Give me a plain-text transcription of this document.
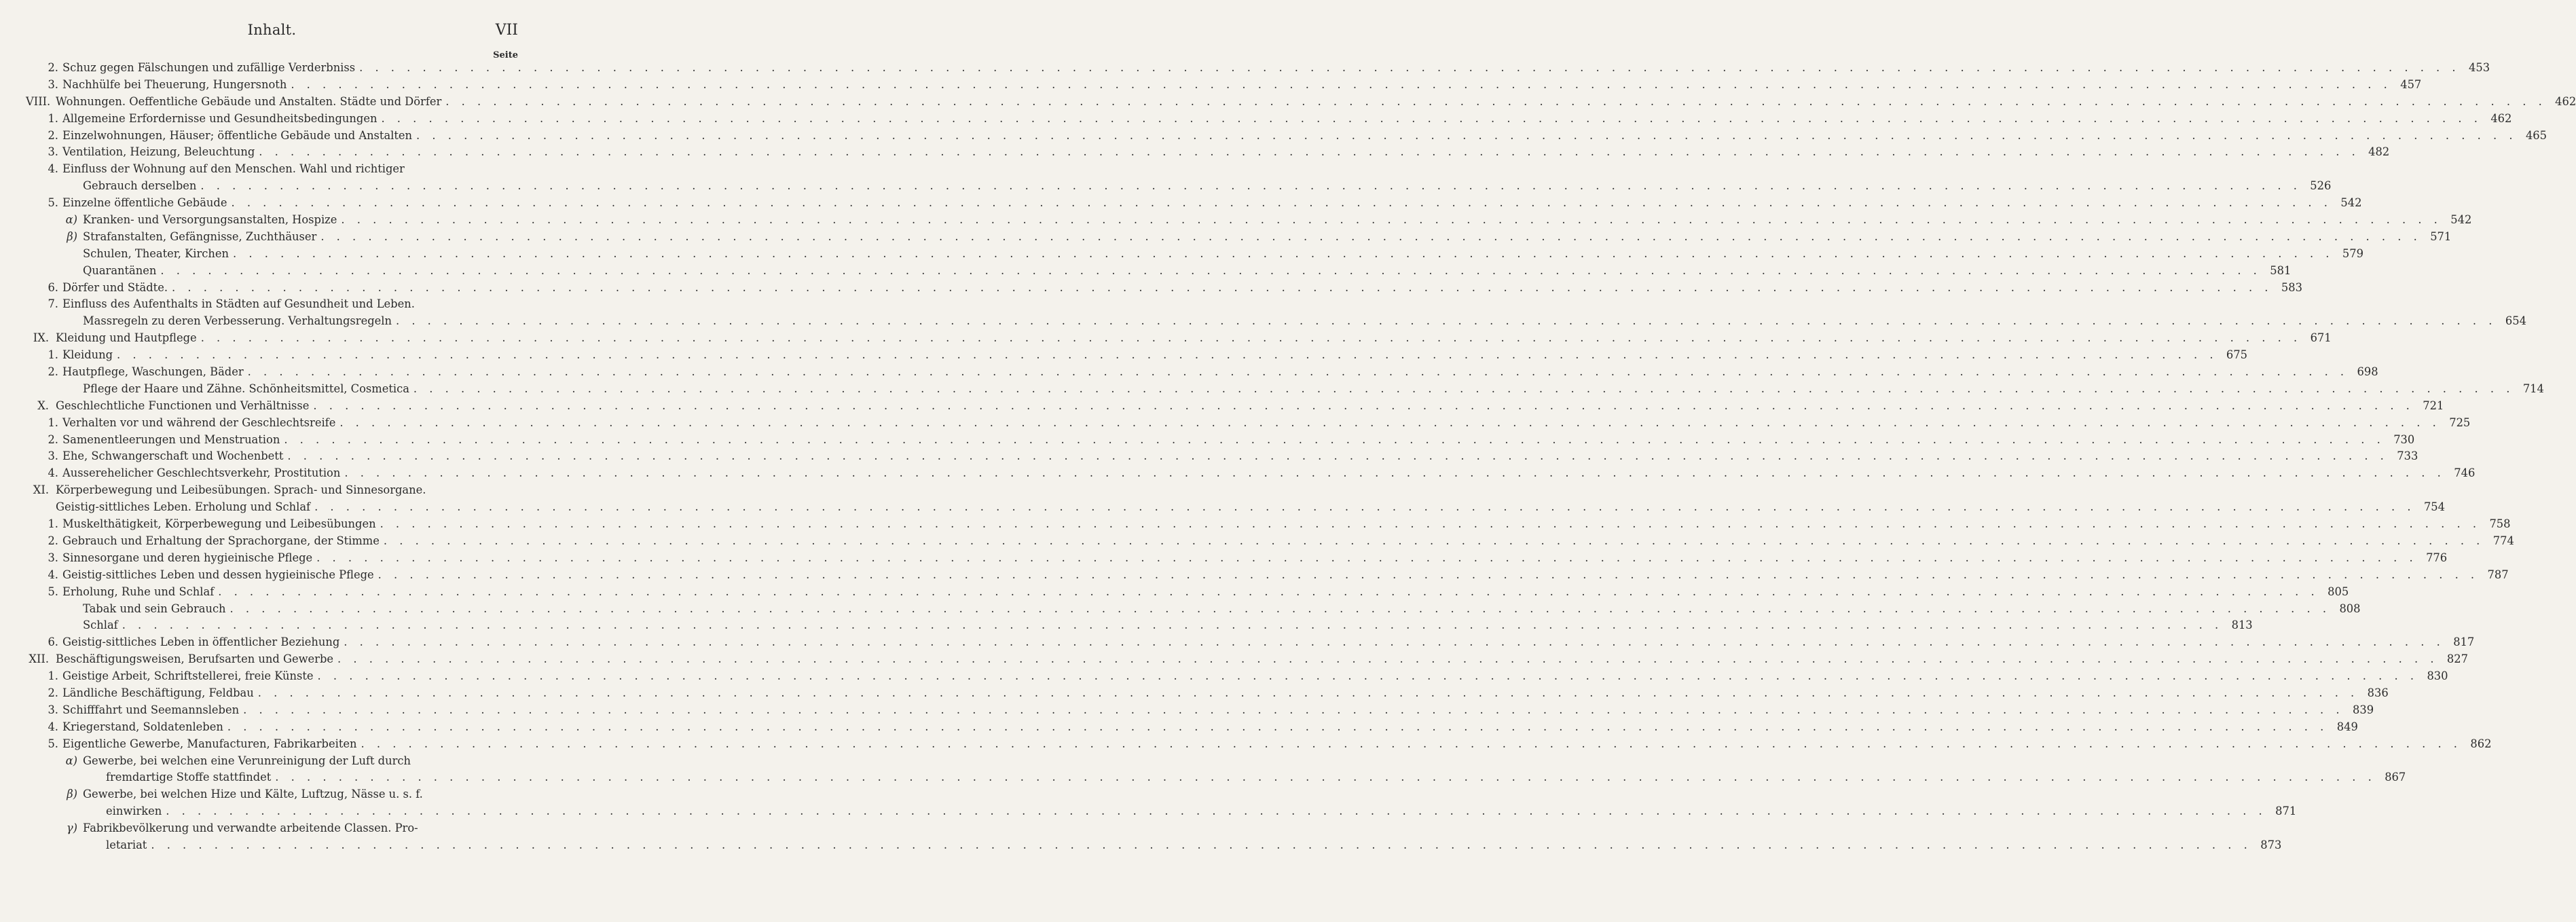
Inhalt.	VII
Seite
2. Schuz gegen Fälschungen und zufällige Verderbniss . . .	453
3. Nachhülfe bei Theuerung, Hungersnoth . . .	457
VIII. Wohnungen. Oeffentliche Gebäude und Anstalten. Städte und Dörfer . . .	462
1. Allgemeine Erfordernisse und Gesundheitsbedingungen . . .	462
2. Einzelwohnungen, Häuser; öffentliche Gebäude und Anstalten . . .	465
3. Ventilation, Heizung, Beleuchtung . . .	482
4. Einfluss der Wohnung auf den Menschen. Wahl und richtiger
Gebrauch derselben . . .	526
5. Einzelne öffentliche Gebäude . . .	542
α) Kranken- und Versorgungsanstalten, Hospize . . .	542
β) Strafanstalten, Gefängnisse, Zuchthäuser . . .	571
Schulen, Theater, Kirchen . . .	579
Quarantänen . . .	581
6. Dörfer und Städte. . . .	583
7. Einfluss des Aufenthalts in Städten auf Gesundheit und Leben.
Massregeln zu deren Verbesserung. Verhaltungsregeln . . .	654
IX. Kleidung und Hautpflege . . .	671
1. Kleidung . . .	675
2. Hautpflege, Waschungen, Bäder . . .	698
Pflege der Haare und Zähne. Schönheitsmittel, Cosmetica . . .	714
X. Geschlechtliche Functionen und Verhältnisse . . .	721
1. Verhalten vor und während der Geschlechtsreife . . .	725
2. Samenentleerungen und Menstruation . . .	730
3. Ehe, Schwangerschaft und Wochenbett . . .	733
4. Ausserehelicher Geschlechtsverkehr, Prostitution . . .	746
XI. Körperbewegung und Leibesübungen. Sprach- und Sinnesorgane.
Geistig-sittliches Leben. Erholung und Schlaf . . .	754
1. Muskelthätigkeit, Körperbewegung und Leibesübungen . . .	758
2. Gebrauch und Erhaltung der Sprachorgane, der Stimme . . .	774
3. Sinnesorgane und deren hygieinische Pflege . . .	776
4. Geistig-sittliches Leben und dessen hygieinische Pflege . . .	787
5. Erholung, Ruhe und Schlaf . . .	805
Tabak und sein Gebrauch . . .	808
Schlaf . . .	813
6. Geistig-sittliches Leben in öffentlicher Beziehung . . .	817
XII. Beschäftigungsweisen, Berufsarten und Gewerbe . . .	827
1. Geistige Arbeit, Schriftstellerei, freie Künste . . .	830
2. Ländliche Beschäftigung, Feldbau . . .	836
3. Schifffahrt und Seemannsleben . . .	839
4. Kriegerstand, Soldatenleben . . .	849
5. Eigentliche Gewerbe, Manufacturen, Fabrikarbeiten . . .	862
α) Gewerbe, bei welchen eine Verunreinigung der Luft durch
fremdartige Stoffe stattfindet . . .	867
β) Gewerbe, bei welchen Hize und Kälte, Luftzug, Nässe u. s. f.
einwirken . . .	871
γ) Fabrikbevölkerung und verwandte arbeitende Classen. Pro-
letariat . . .	873
